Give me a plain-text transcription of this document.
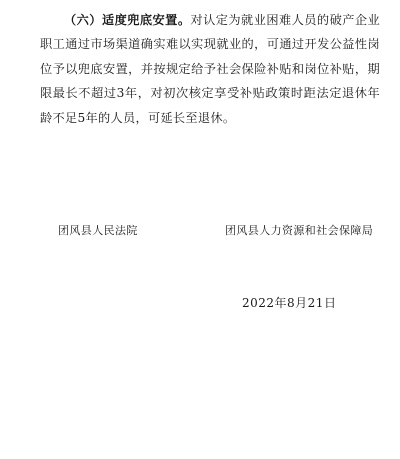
（六）适度兜底安置。对认定为就业困难人员的破产企业职工通过市场渠道确实难以实现就业的，可通过开发公益性岗位予以兜底安置，并按规定给予社会保险补贴和岗位补贴，期限最长不超过3年，对初次核定享受补贴政策时距法定退休年龄不足5年的人员，可延长至退休。

团风县人民法院	团风县人力资源和社会保障局
2022年8月21日
